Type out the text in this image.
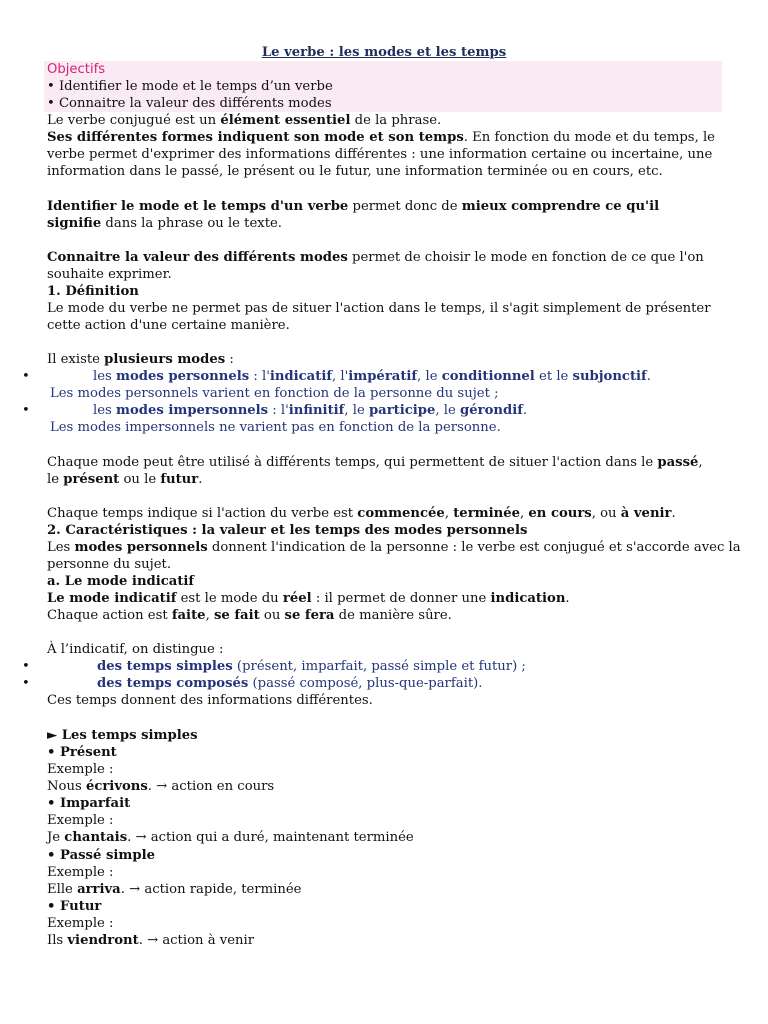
Le verbe : les modes et les temps
Objectifs
• Identifier le mode et le temps d’un verbe
• Connaitre la valeur des différents modes
Le verbe conjugué est un élément essentiel de la phrase.
Ses différentes formes indiquent son mode et son temps. En fonction du mode et du temps, le
verbe permet d'exprimer des informations différentes : une information certaine ou incertaine, une
information dans le passé, le présent ou le futur, une information terminée ou en cours, etc.
Identifier le mode et le temps d'un verbe permet donc de mieux comprendre ce qu'il
signifie dans la phrase ou le texte.
Connaitre la valeur des différents modes permet de choisir le mode en fonction de ce que l'on
souhaite exprimer.
1. Définition
Le mode du verbe ne permet pas de situer l'action dans le temps, il s'agit simplement de présenter
cette action d'une certaine manière.
Il existe plusieurs modes :
•	les modes personnels : l'indicatif, l'impératif, le conditionnel et le subjonctif.
Les modes personnels varient en fonction de la personne du sujet ;
•	les modes impersonnels : l'infinitif, le participe, le gérondif.
Les modes impersonnels ne varient pas en fonction de la personne.
Chaque mode peut être utilisé à différents temps, qui permettent de situer l'action dans le passé,
le présent ou le futur.
Chaque temps indique si l'action du verbe est commencée, terminée, en cours, ou à venir.
2. Caractéristiques : la valeur et les temps des modes personnels
Les modes personnels donnent l'indication de la personne : le verbe est conjugué et s'accorde avec la
personne du sujet.
a. Le mode indicatif
Le mode indicatif est le mode du réel : il permet de donner une indication.
Chaque action est faite, se fait ou se fera de manière sûre.
À l’indicatif, on distingue :
•	des temps simples (présent, imparfait, passé simple et futur) ;
•	des temps composés (passé composé, plus-que-parfait).
Ces temps donnent des informations différentes.
► Les temps simples
• Présent
Exemple :
Nous écrivons. → action en cours
• Imparfait
Exemple :
Je chantais. → action qui a duré, maintenant terminée
• Passé simple
Exemple :
Elle arriva. → action rapide, terminée
• Futur
Exemple :
Ils viendront. → action à venir
